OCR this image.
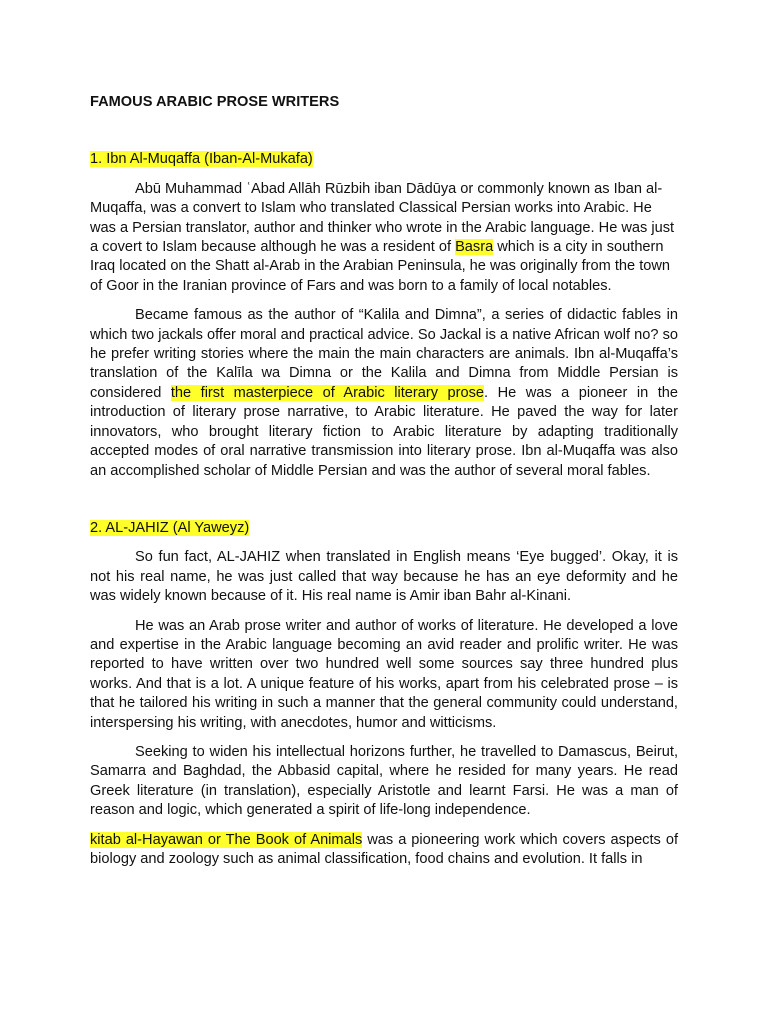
FAMOUS ARABIC PROSE WRITERS
1. Ibn Al-Muqaffa (Iban-Al-Mukafa)

Abū Muhammad ʿAbad Allāh Rūzbih iban Dādūya or commonly known as Iban al-Muqaffa, was a convert to Islam who translated Classical Persian works into Arabic. He was a Persian translator, author and thinker who wrote in the Arabic language. He was just a covert to Islam because although he was a resident of Basra which is a city in southern Iraq located on the Shatt al-Arab in the Arabian Peninsula, he was originally from the town of Goor in the Iranian province of Fars and was born to a family of local notables.

Became famous as the author of “Kalila and Dimna”, a series of didactic fables in which two jackals offer moral and practical advice. So Jackal is a native African wolf no? so he prefer writing stories where the main the main characters are animals. Ibn al-Muqaffa’s translation of the Kalīla wa Dimna or the Kalila and Dimna from Middle Persian is considered the first masterpiece of Arabic literary prose. He was a pioneer in the introduction of literary prose narrative, to Arabic literature. He paved the way for later innovators, who brought literary fiction to Arabic literature by adapting traditionally accepted modes of oral narrative transmission into literary prose. Ibn al-Muqaffa was also an accomplished scholar of Middle Persian and was the author of several moral fables.

2. AL-JAHIZ (Al Yaweyz)

So fun fact, AL-JAHIZ when translated in English means ‘Eye bugged’. Okay, it is not his real name, he was just called that way because he has an eye deformity and he was widely known because of it. His real name is Amir iban Bahr al-Kinani.

He was an Arab prose writer and author of works of literature. He developed a love and expertise in the Arabic language becoming an avid reader and prolific writer. He was reported to have written over two hundred well some sources say three hundred plus works. And that is a lot. A unique feature of his works, apart from his celebrated prose – is that he tailored his writing in such a manner that the general community could understand, interspersing his writing, with anecdotes, humor and witticisms.

Seeking to widen his intellectual horizons further, he travelled to Damascus, Beirut, Samarra and Baghdad, the Abbasid capital, where he resided for many years. He read Greek literature (in translation), especially Aristotle and learnt Farsi. He was a man of reason and logic, which generated a spirit of life-long independence.

kitab al-Hayawan or The Book of Animals was a pioneering work which covers aspects of biology and zoology such as animal classification, food chains and evolution. It falls in
